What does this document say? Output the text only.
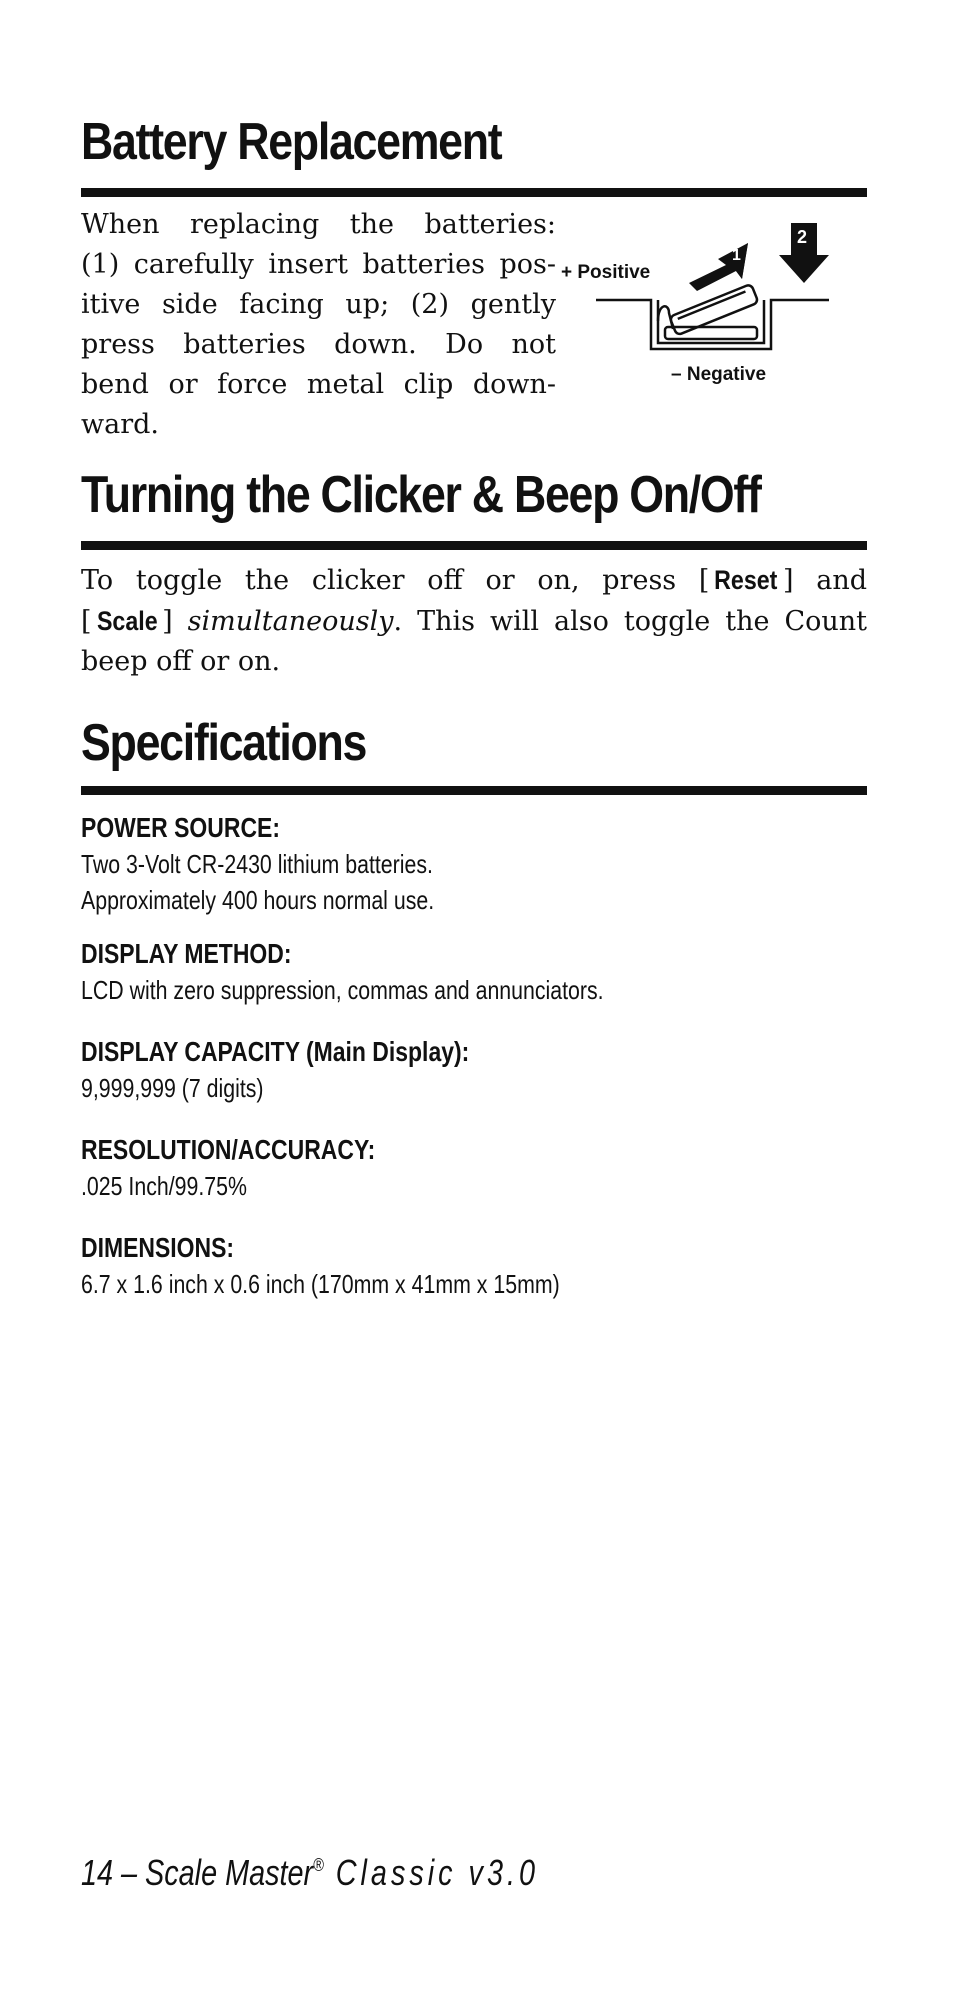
Battery Replacement
When replacing the batteries:
(1) carefully insert batteries pos-
itive side facing up; (2) gently
press batteries down. Do not
bend or force metal clip down-
ward.
2
1
+ Positive
– Negative
Turning the Clicker & Beep On/Off
To toggle the clicker off or on, press [ Reset ] and
[ Scale ] simultaneously. This will also toggle the Count
beep off or on.
Specifications
POWER SOURCE:
Two 3-Volt CR-2430 lithium batteries.
Approximately 400 hours normal use.
DISPLAY METHOD:
LCD with zero suppression, commas and annunciators.
DISPLAY CAPACITY (Main Display):
9,999,999 (7 digits)
RESOLUTION/ACCURACY:
.025 Inch/99.75%
DIMENSIONS:
6.7 x 1.6 inch x 0.6 inch (170mm x 41mm x 15mm)
14 – Scale Master® Classic v3.0
